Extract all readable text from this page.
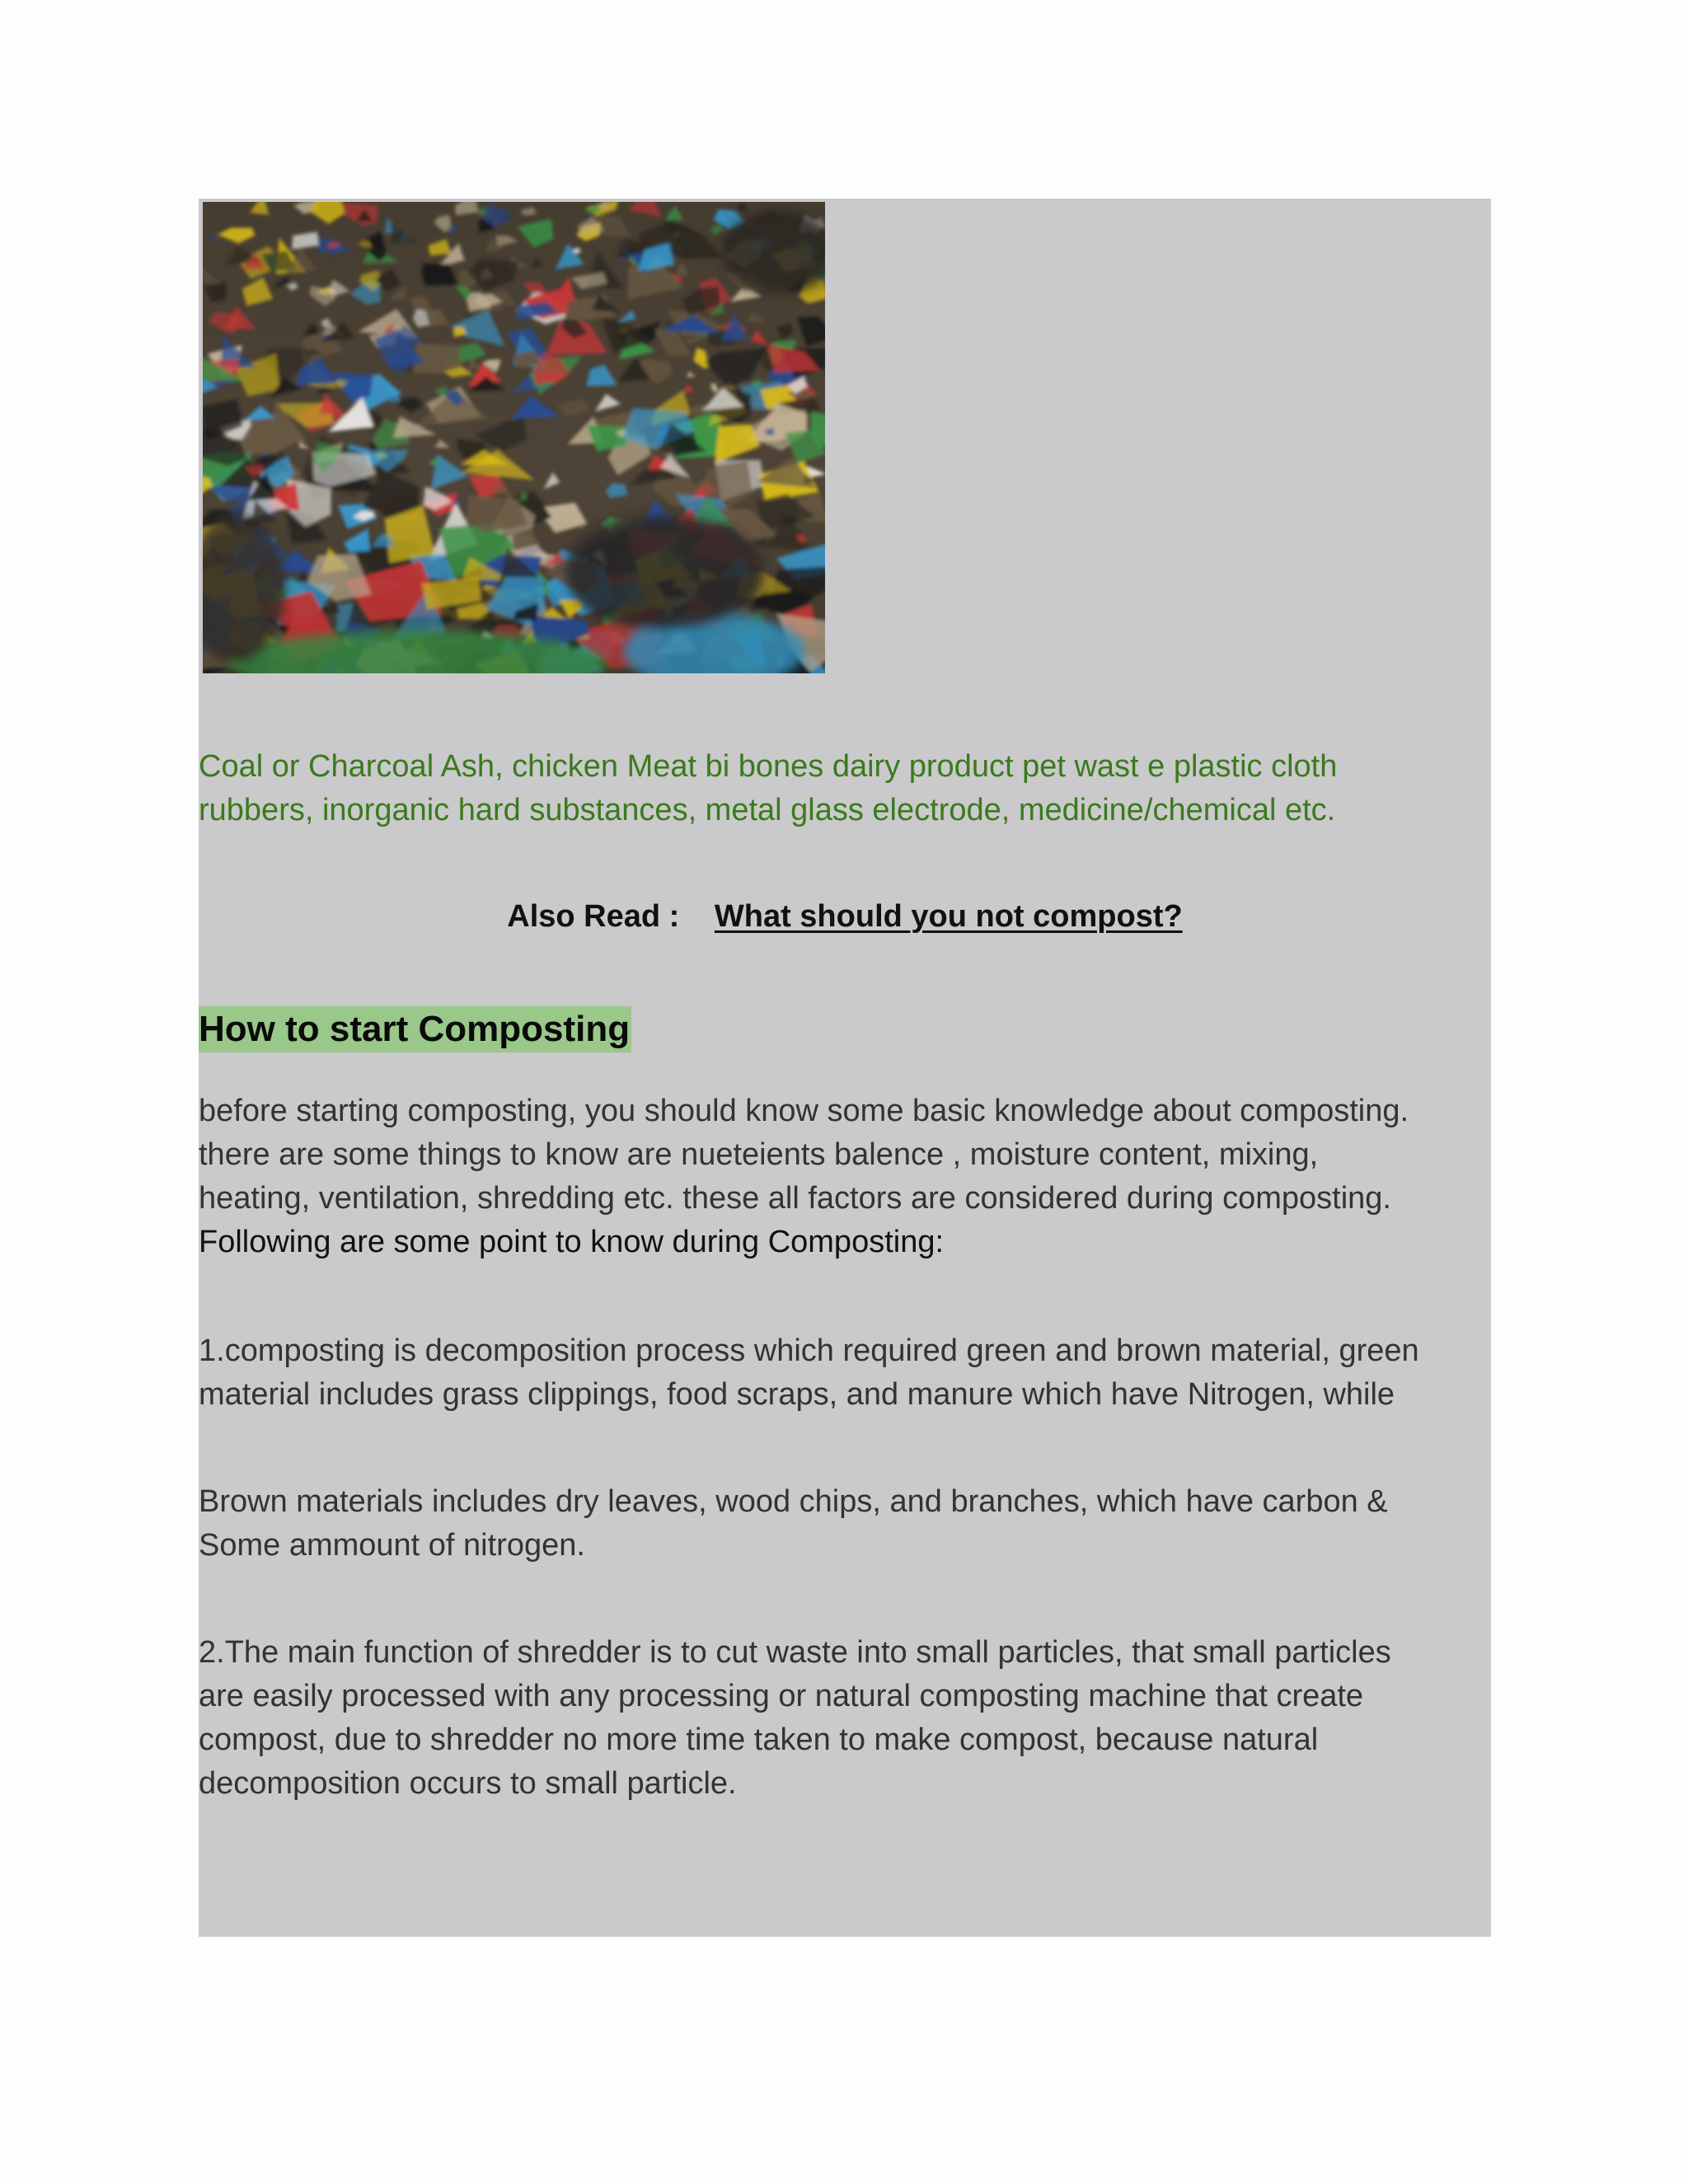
Coal or Charcoal Ash, chicken Meat bi bones dairy product pet wast e plastic cloth
rubbers, inorganic hard substances, metal glass electrode, medicine/chemical etc.

Also Read : What should you not compost?
How to start Composting

before starting composting, you should know some basic knowledge about composting.
there are some things to know are nueteients balence , moisture content, mixing,
heating, ventilation, shredding etc. these all factors are considered during composting.

Following are some point to know during Composting:

1.composting is decomposition process which required green and brown material, green
material includes grass clippings, food scraps, and manure which have Nitrogen, while

Brown materials includes dry leaves, wood chips, and branches, which have carbon &
Some ammount of nitrogen.

2.The main function of shredder is to cut waste into small particles, that small particles
are easily processed with any processing or natural composting machine that create
compost, due to shredder no more time taken to make compost, because natural
decomposition occurs to small particle.
